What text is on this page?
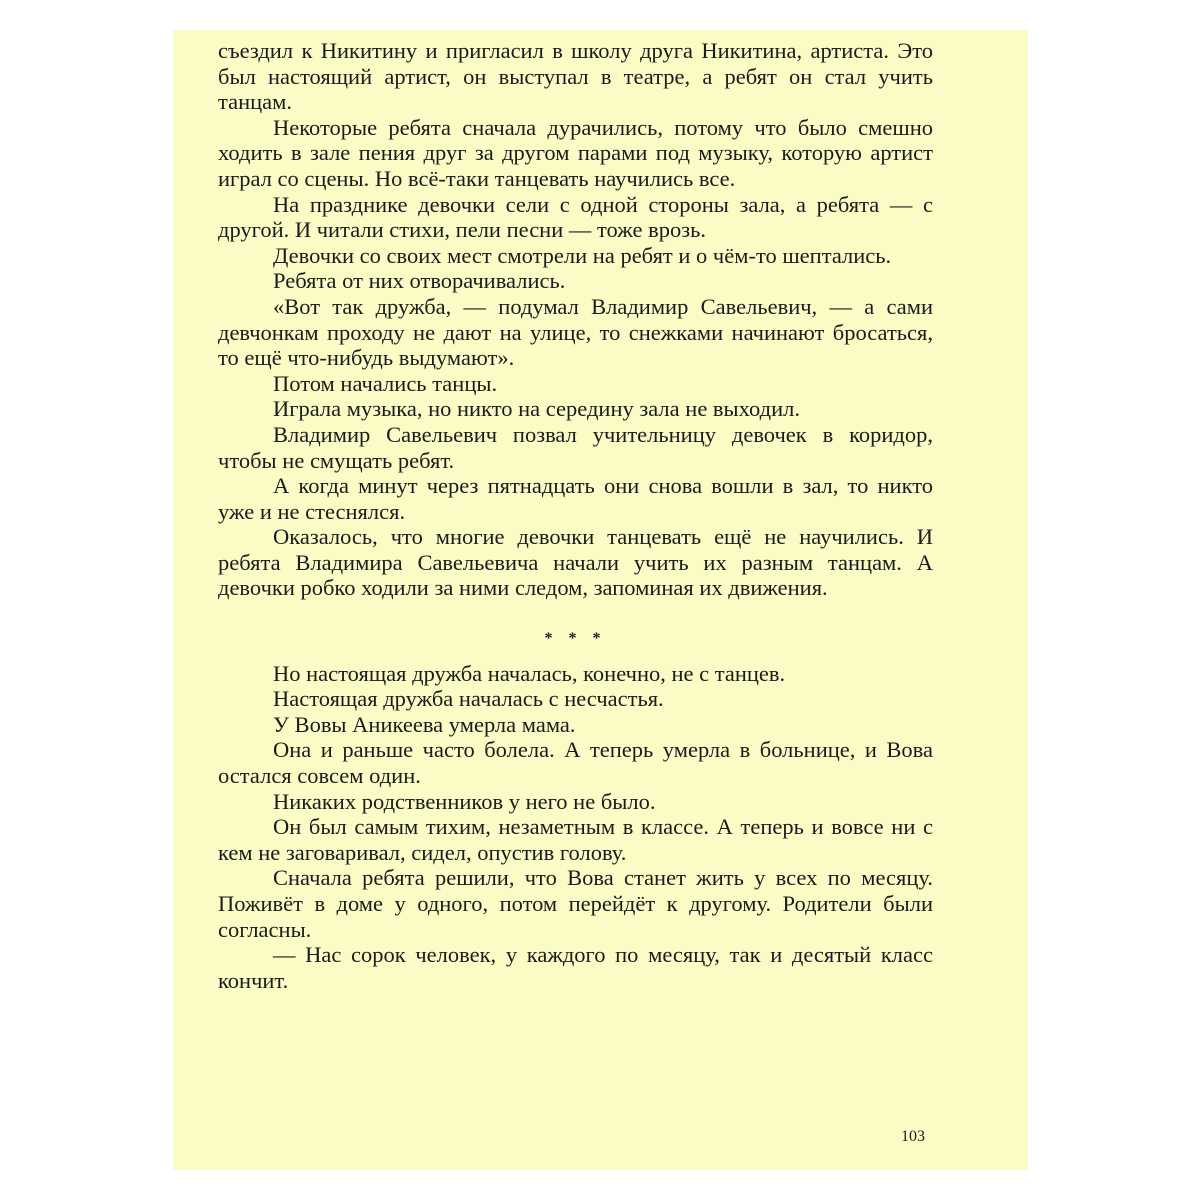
съездил к Никитину и пригласил в школу друга Никитина, артиста. Это был настоящий артист, он выступал в театре, а ребят он стал учить танцам.

Некоторые ребята сначала дурачились, потому что было смешно ходить в зале пения друг за другом парами под музыку, которую артист играл со сцены. Но всё-таки танцевать научились все.

На празднике девочки сели с одной стороны зала, а ребята — с другой. И читали стихи, пели песни — тоже врозь.

Девочки со своих мест смотрели на ребят и о чём-то шептались.

Ребята от них отворачивались.

«Вот так дружба, — подумал Владимир Савельевич, — а сами девчонкам проходу не дают на улице, то снежками начинают бросаться, то ещё что-нибудь выдумают».

Потом начались танцы.

Играла музыка, но никто на середину зала не выходил.

Владимир Савельевич позвал учительницу девочек в коридор, чтобы не смущать ребят.

А когда минут через пятнадцать они снова вошли в зал, то никто уже и не стеснялся.

Оказалось, что многие девочки танцевать ещё не научились. И ребята Владимира Савельевича начали учить их разным танцам. А девочки робко ходили за ними следом, запоминая их движения.

* * *

Но настоящая дружба началась, конечно, не с танцев.

Настоящая дружба началась с несчастья.

У Вовы Аникеева умерла мама.

Она и раньше часто болела. А теперь умерла в больнице, и Вова остался совсем один.

Никаких родственников у него не было.

Он был самым тихим, незаметным в классе. А теперь и вовсе ни с кем не заговаривал, сидел, опустив голову.

Сначала ребята решили, что Вова станет жить у всех по месяцу. Поживёт в доме у одного, потом перейдёт к другому. Родители были согласны.

— Нас сорок человек, у каждого по месяцу, так и десятый класс кончит.

103
